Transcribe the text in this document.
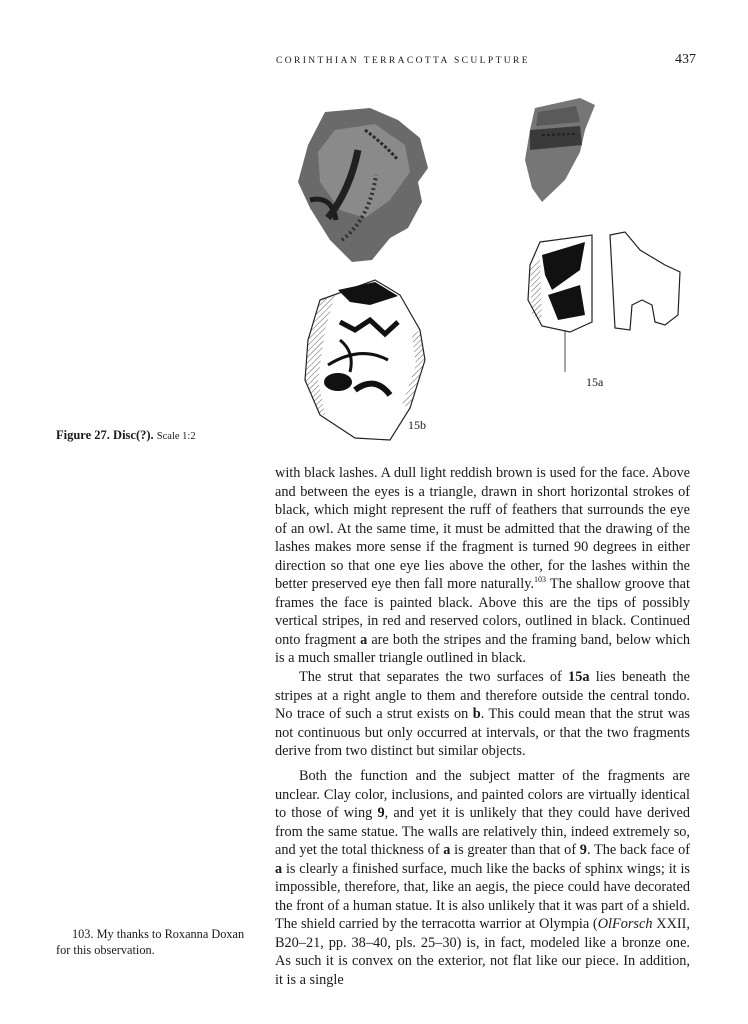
CORINTHIAN TERRACOTTA SCULPTURE	437
15a
15b
Figure 27. Disc(?). Scale 1:2

with black lashes. A dull light reddish brown is used for the face. Above and between the eyes is a triangle, drawn in short horizontal strokes of black, which might represent the ruff of feathers that surrounds the eye of an owl. At the same time, it must be admitted that the drawing of the lashes makes more sense if the fragment is turned 90 degrees in either direction so that one eye lies above the other, for the lashes within the better preserved eye then fall more naturally.$^{103}$ The shallow groove that frames the face is painted black. Above this are the tips of possibly vertical stripes, in red and reserved colors, outlined in black. Continued onto fragment a are both the stripes and the framing band, below which is a much smaller triangle outlined in black.

The strut that separates the two surfaces of 15a lies beneath the stripes at a right angle to them and therefore outside the central tondo. No trace of such a strut exists on b. This could mean that the strut was not continuous but only occurred at intervals, or that the two fragments derive from two distinct but similar objects.

Both the function and the subject matter of the fragments are unclear. Clay color, inclusions, and painted colors are virtually identical to those of wing 9, and yet it is unlikely that they could have derived from the same statue. The walls are relatively thin, indeed extremely so, and yet the total thickness of a is greater than that of 9. The back face of a is clearly a finished surface, much like the backs of sphinx wings; it is impossible, therefore, that, like an aegis, the piece could have decorated the front of a human statue. It is also unlikely that it was part of a shield. The shield carried by the terracotta warrior at Olympia (OlForsch XXII, B20–21, pp. 38–40, pls. 25–30) is, in fact, modeled like a bronze one. As such it is convex on the exterior, not flat like our piece. In addition, it is a single

103. My thanks to Roxanna Doxan
for this observation.
